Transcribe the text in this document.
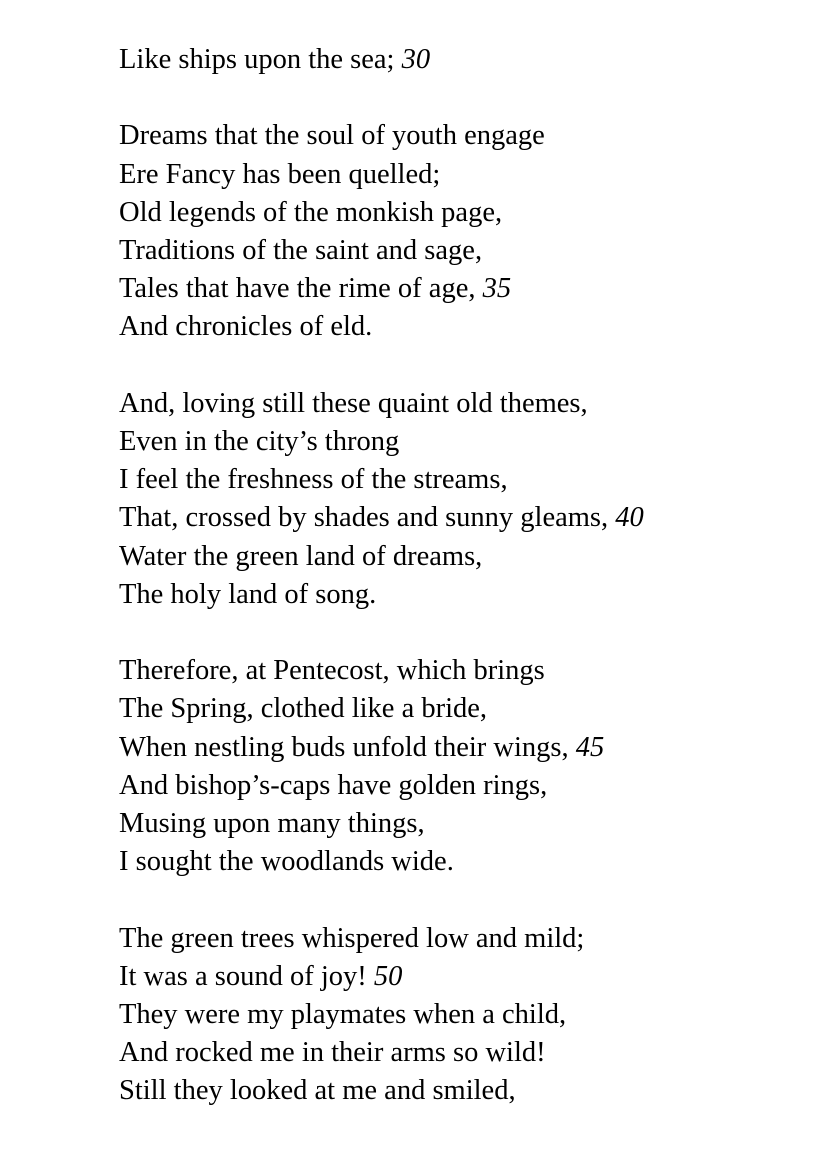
Like ships upon the sea; 30
Dreams that the soul of youth engage
Ere Fancy has been quelled;
Old legends of the monkish page,
Traditions of the saint and sage,
Tales that have the rime of age, 35
And chronicles of eld.
And, loving still these quaint old themes,
Even in the city’s throng
I feel the freshness of the streams,
That, crossed by shades and sunny gleams, 40
Water the green land of dreams,
The holy land of song.
Therefore, at Pentecost, which brings
The Spring, clothed like a bride,
When nestling buds unfold their wings, 45
And bishop’s-caps have golden rings,
Musing upon many things,
I sought the woodlands wide.
The green trees whispered low and mild;
It was a sound of joy! 50
They were my playmates when a child,
And rocked me in their arms so wild!
Still they looked at me and smiled,
